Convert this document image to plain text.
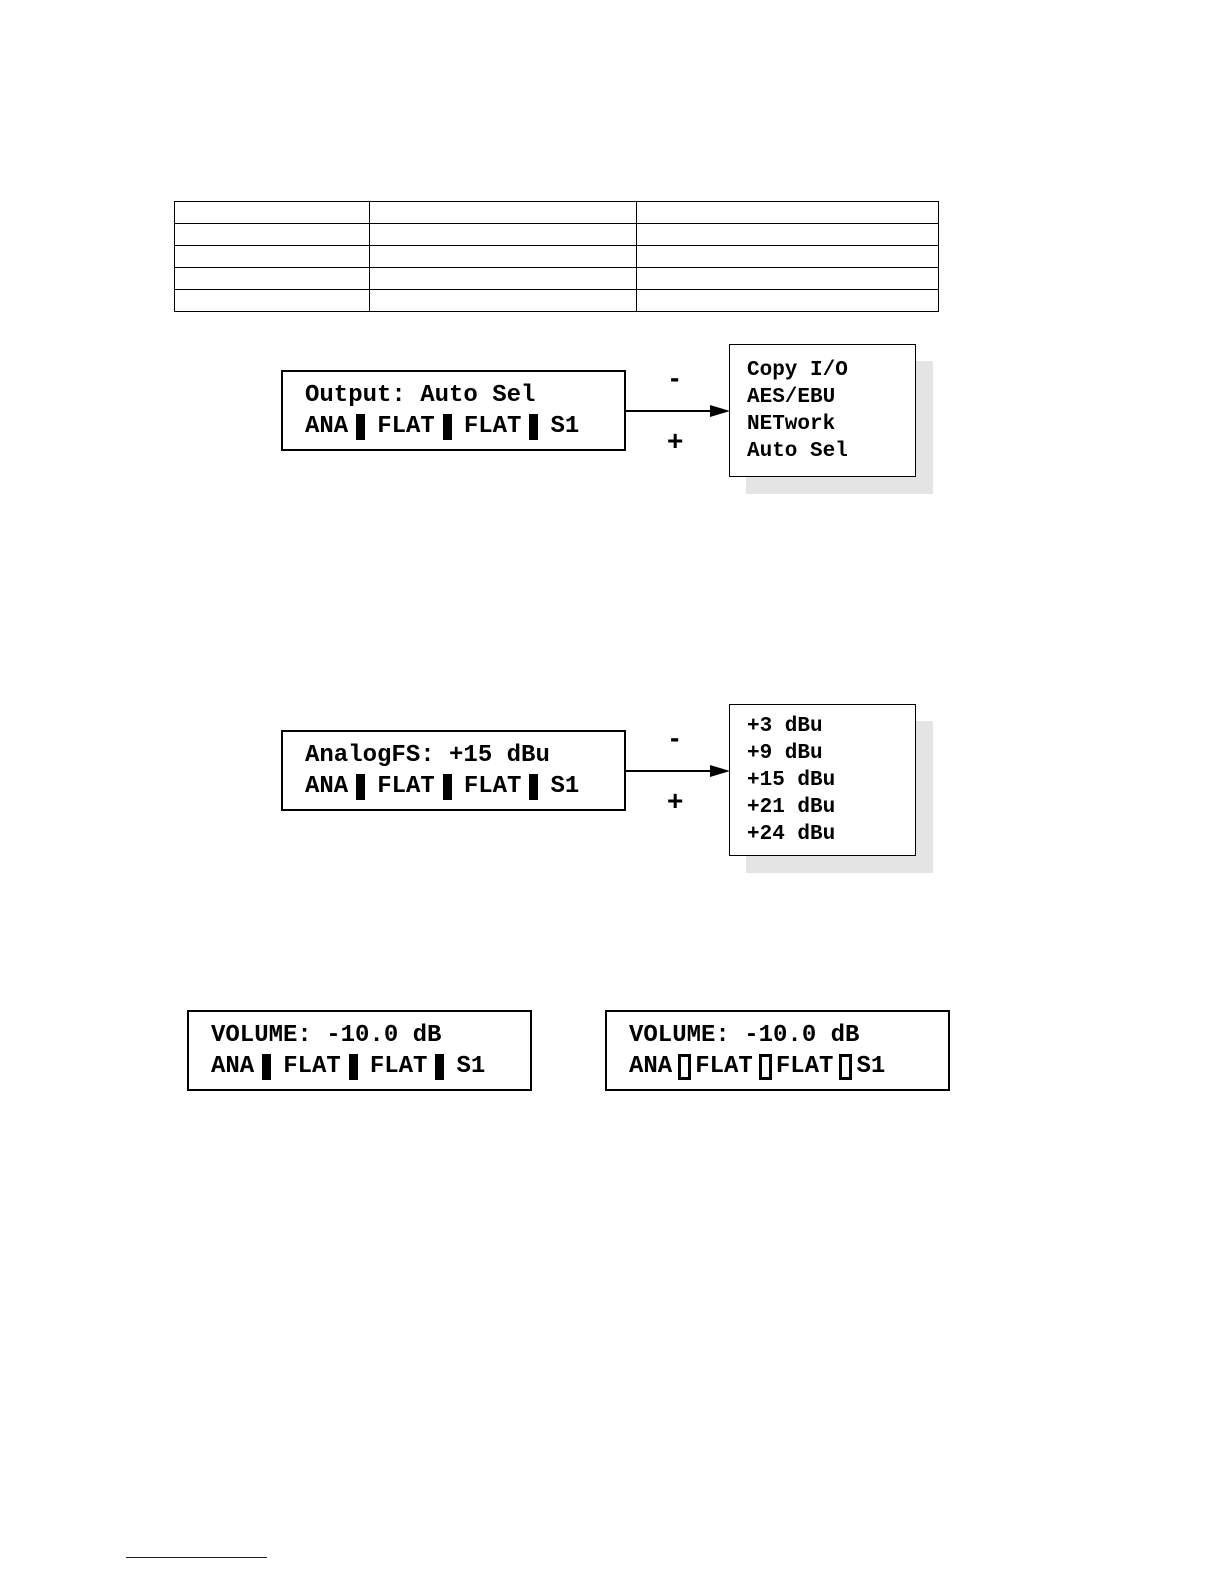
Output: Auto Sel

ANA FLAT FLAT S1

-
+
Copy I/O
AES/EBU
NETwork
Auto Sel

AnalogFS: +15 dBu

ANA FLAT FLAT S1

-
+
+3 dBu
+9 dBu
+15 dBu
+21 dBu
+24 dBu

VOLUME: -10.0 dB

ANA FLAT FLAT S1

VOLUME: -10.0 dB

ANA FLAT FLAT S1
